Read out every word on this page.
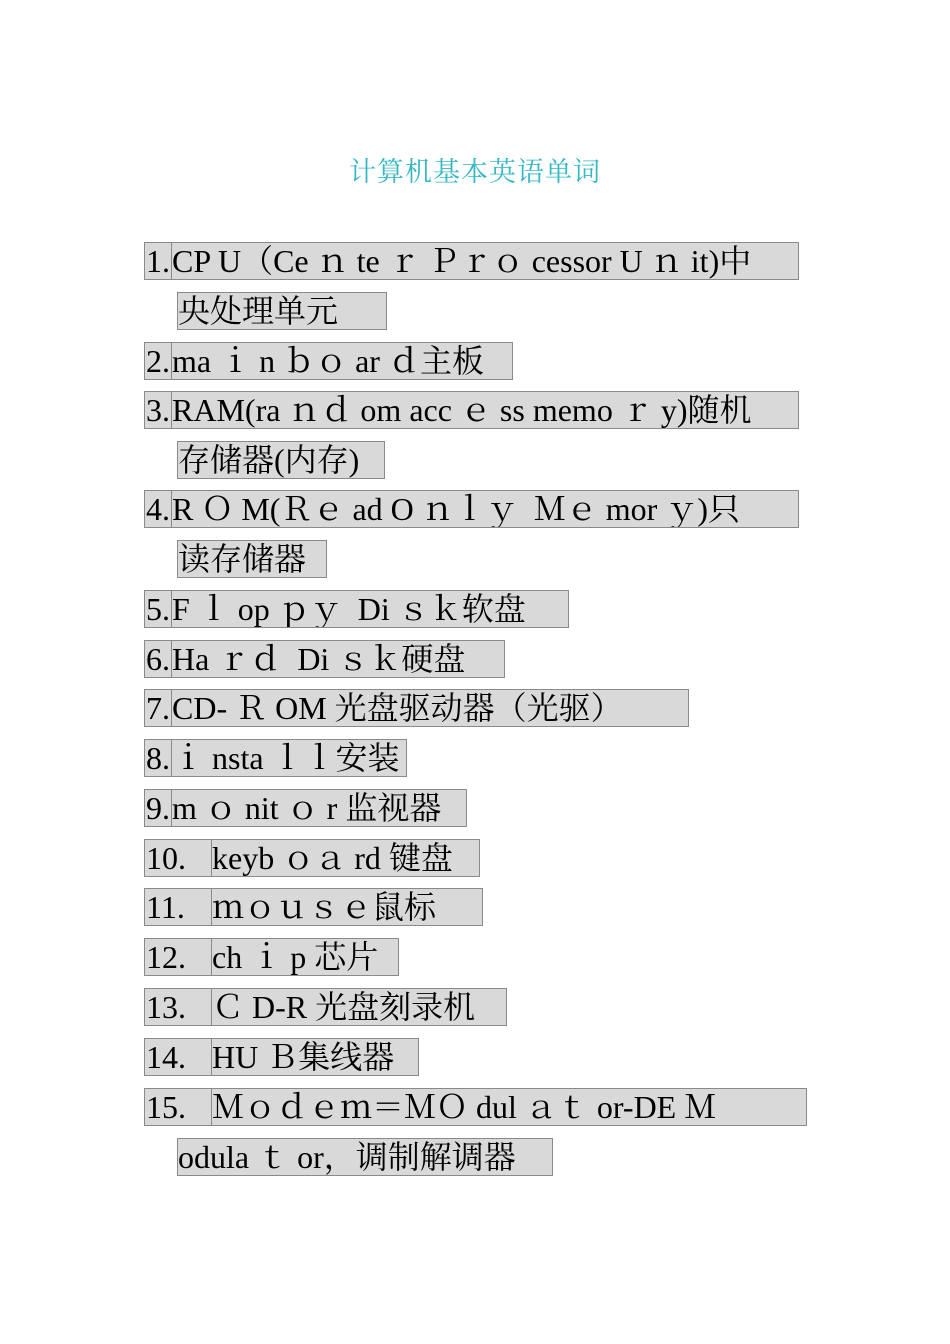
计算机基本英语单词
1. CP U（Ce ｎ te ｒ Ｐｒｏ cessor U ｎ it)中
央处理单元
2. ma ｉ n ｂｏ ar ｄ主板
3. RAM(ra ｎｄ om acc ｅ ss memo ｒ y)随机
存储器(内存)
4. R Ｏ M(Ｒｅ ad O ｎｌｙ  Ｍｅ mor ｙ)只
读存储器
5. F ｌ op ｐｙ  Di ｓｋ软盘
6. Ha ｒｄ  Di ｓｋ硬盘
7. CD- Ｒ OM 光盘驱动器（光驱）
8. ｉ nsta ｌｌ安装
9. m ｏ nit ｏ r 监视器
10. keyb ｏａ rd 键盘
11. ｍｏｕｓｅ鼠标
12. ch ｉ p 芯片
13. Ｃ D-R 光盘刻录机
14. HU Ｂ集线器
15. Ｍｏｄｅｍ＝ＭＯ dul ａｔ or-DE Ｍ
odula ｔ or，调制解调器
